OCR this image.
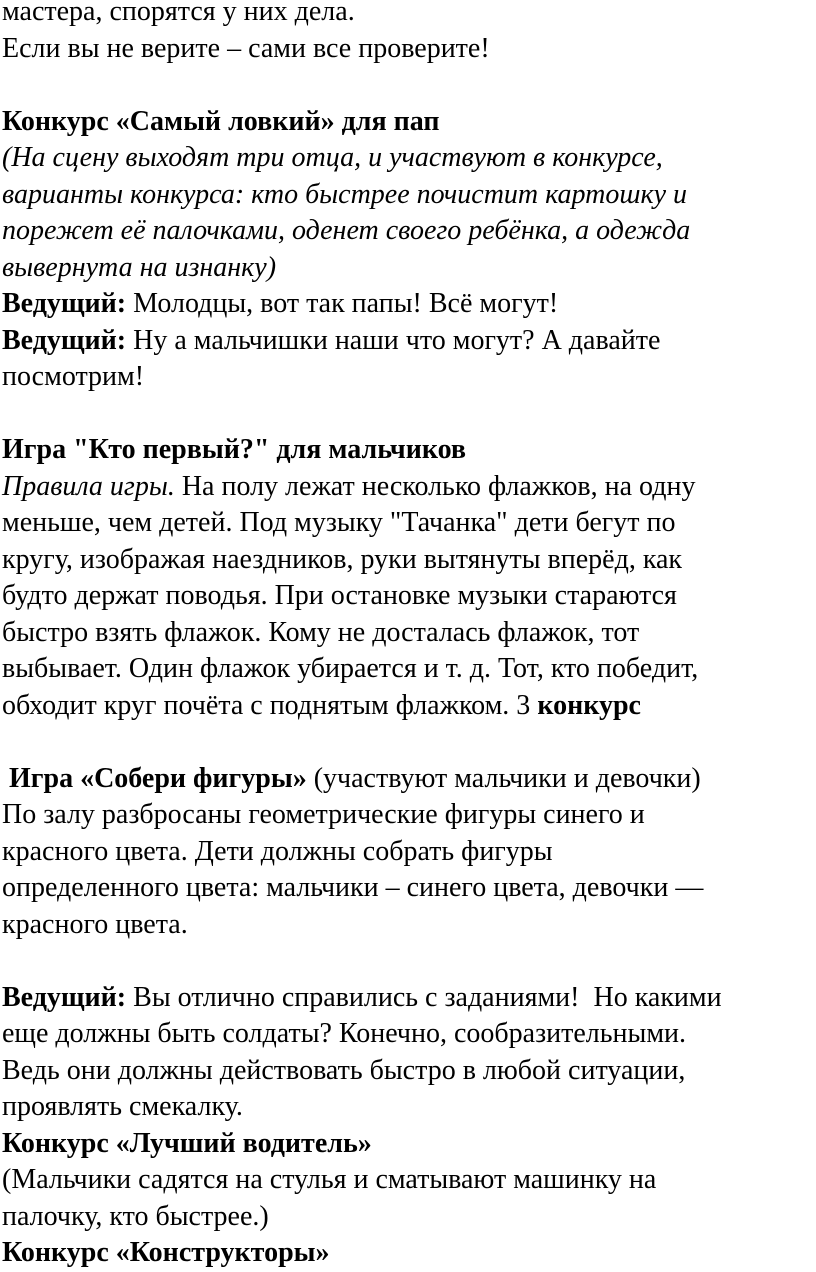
мастера, спорятся у них дела.
Если вы не верите – сами все проверите!
Конкурс «Самый ловкий» для пап
(На сцену выходят три отца, и участвуют в конкурсе,
варианты конкурса: кто быстрее почистит картошку и
порежет её палочками, оденет своего ребёнка, а одежда
вывернута на изнанку)
Ведущий: Молодцы, вот так папы! Всё могут!
Ведущий: Ну а мальчишки наши что могут? А давайте
посмотрим!
Игра "Кто первый?" для мальчиков
Правила игры. На полу лежат несколько флажков, на одну
меньше, чем детей. Под музыку "Тачанка" дети бегут по
кругу, изображая наездников, руки вытянуты вперёд, как
будто держат поводья. При остановке музыки стараются
быстро взять флажок. Кому не досталась флажок, тот
выбывает. Один флажок убирается и т. д. Тот, кто победит,
обходит круг почёта с поднятым флажком. 3 конкурс
Игра «Собери фигуры» (участвуют мальчики и девочки)
По залу разбросаны геометрические фигуры синего и
красного цвета. Дети должны собрать фигуры
определенного цвета: мальчики – синего цвета, девочки —
красного цвета.
Ведущий: Вы отлично справились с заданиями!  Но какими
еще должны быть солдаты? Конечно, сообразительными.
Ведь они должны действовать быстро в любой ситуации,
проявлять смекалку.
Конкурс «Лучший водитель»
(Мальчики садятся на стулья и сматывают машинку на
палочку, кто быстрее.)
Конкурс «Конструкторы»
